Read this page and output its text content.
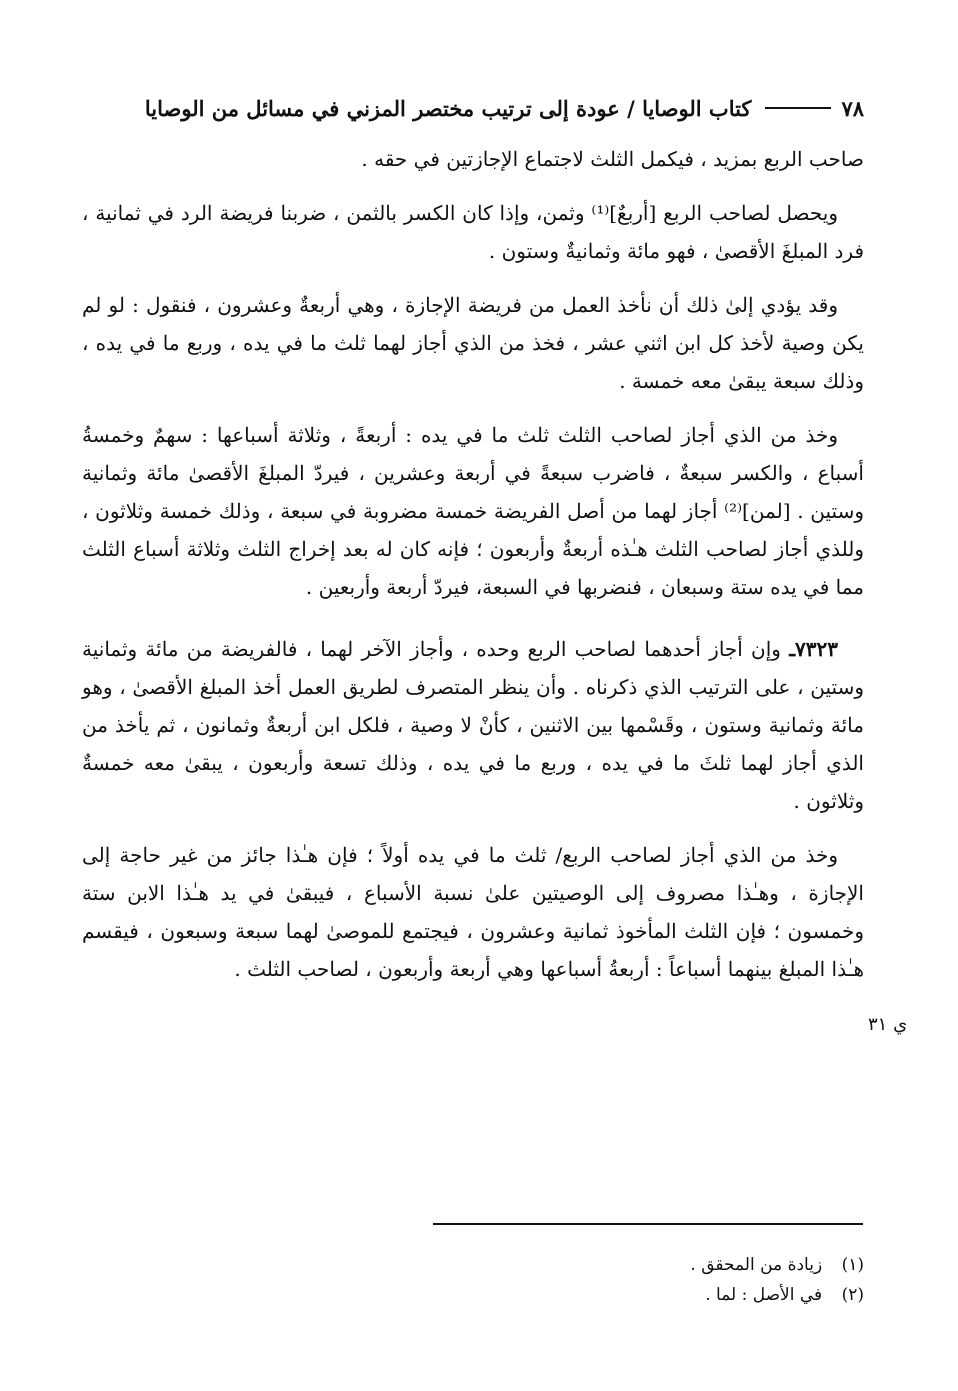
٧٨
كتاب الوصايا / عودة إلى ترتيب مختصر المزني في مسائل من الوصايا

صاحب الربع بمزيد ، فيكمل الثلث لاجتماع الإجازتين في حقه .

ويحصل لصاحب الربع [أربعٌ]⁽¹⁾ وثمن، وإذا كان الكسر بالثمن ، ضربنا فريضة الرد في ثمانية ، فرد المبلغَ الأقصىٰ ، فهو مائة وثمانيةٌ وستون .

وقد يؤدي إلىٰ ذلك أن نأخذ العمل من فريضة الإجازة ، وهي أربعةٌ وعشرون ، فنقول : لو لم يكن وصية لأخذ كل ابن اثني عشر ، فخذ من الذي أجاز لهما ثلث ما في يده ، وربع ما في يده ، وذلك سبعة يبقىٰ معه خمسة .

وخذ من الذي أجاز لصاحب الثلث ثلث ما في يده : أربعةً ، وثلاثة أسباعها : سهمٌ وخمسةُ أسباع ، والكسر سبعةٌ ، فاضرب سبعةً في أربعة وعشرين ، فيردّ المبلغَ الأقصىٰ مائة وثمانية وستين . [لمن]⁽²⁾ أجاز لهما من أصل الفريضة خمسة مضروبة في سبعة ، وذلك خمسة وثلاثون ، وللذي أجاز لصاحب الثلث هـٰذه أربعةٌ وأربعون ؛ فإنه كان له بعد إخراج الثلث وثلاثة أسباع الثلث مما في يده ستة وسبعان ، فنضربها في السبعة، فيردّ أربعة وأربعين .

٧٣٢٣ـ وإن أجاز أحدهما لصاحب الربع وحده ، وأجاز الآخر لهما ، فالفريضة من مائة وثمانية وستين ، على الترتيب الذي ذكرناه . وأن ينظر المتصرف لطريق العمل أخذ المبلغ الأقصىٰ ، وهو مائة وثمانية وستون ، وقَسْمها بين الاثنين ، كأنْ لا وصية ، فلكل ابن أربعةٌ وثمانون ، ثم يأخذ من الذي أجاز لهما ثلثَ ما في يده ، وربع ما في يده ، وذلك تسعة وأربعون ، يبقىٰ معه خمسةٌ وثلاثون .

وخذ من الذي أجاز لصاحب الربع/ ثلث ما في يده أولاً ؛ فإن هـٰذا جائز من غير حاجة إلى الإجازة ، وهـٰذا مصروف إلى الوصيتين علىٰ نسبة الأسباع ، فيبقىٰ في يد هـٰذا الابن ستة وخمسون ؛ فإن الثلث المأخوذ ثمانية وعشرون ، فيجتمع للموصىٰ لهما سبعة وسبعون ، فيقسم هـٰذا المبلغ بينهما أسباعاً : أربعةُ أسباعها وهي أربعة وأربعون ، لصاحب الثلث .

ي ٣١
(١) زيادة من المحقق .
(٢) في الأصل : لما .
